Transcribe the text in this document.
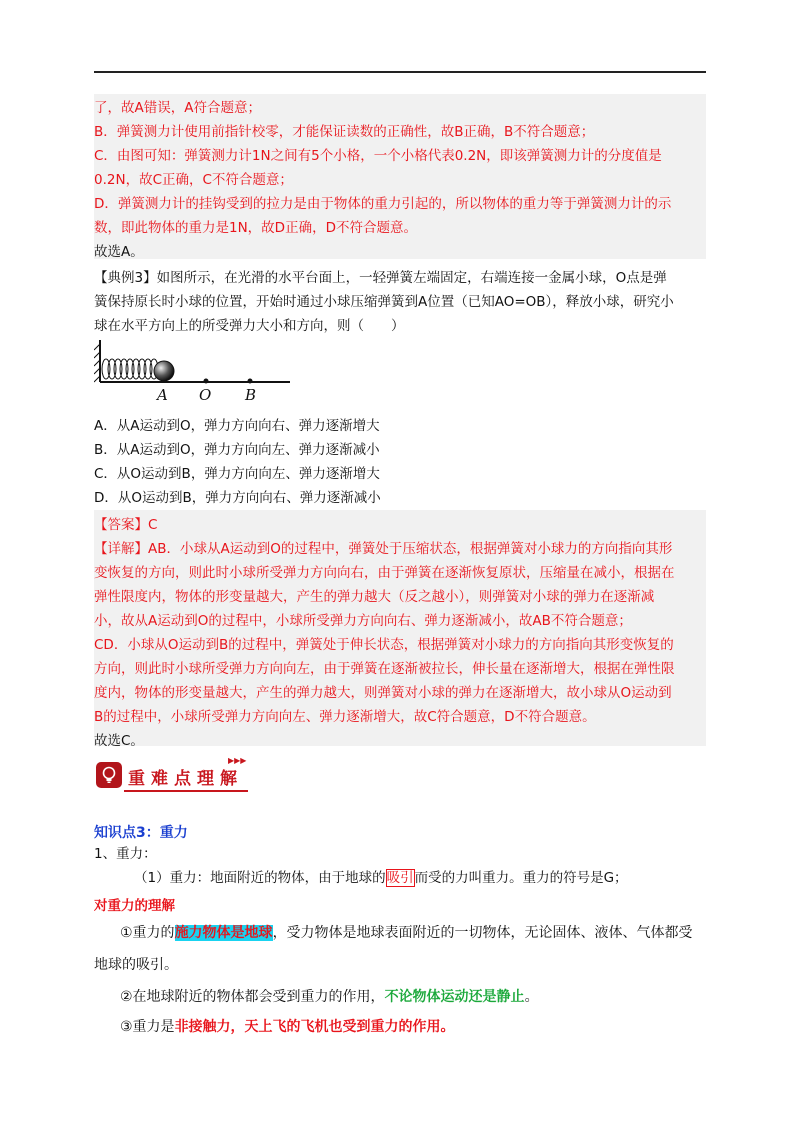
了，故A错误，A符合题意；
B．弹簧测力计使用前指针校零，才能保证读数的正确性，故B正确，B不符合题意；
C．由图可知：弹簧测力计1N之间有5个小格，一个小格代表0.2N，即该弹簧测力计的分度值是
0.2N，故C正确，C不符合题意；
D．弹簧测力计的挂钩受到的拉力是由于物体的重力引起的，所以物体的重力等于弹簧测力计的示
数，即此物体的重力是1N，故D正确，D不符合题意。
故选A。
【典例3】如图所示，在光滑的水平台面上，一轻弹簧左端固定，右端连接一金属小球，O点是弹
簧保持原长时小球的位置，开始时通过小球压缩弹簧到A位置（已知AO=OB），释放小球，研究小
球在水平方向上的所受弹力大小和方向，则（　　）
A O B
A．从A运动到O，弹力方向向右、弹力逐渐增大
B．从A运动到O，弹力方向向左、弹力逐渐减小
C．从O运动到B，弹力方向向左、弹力逐渐增大
D．从O运动到B，弹力方向向右、弹力逐渐减小
【答案】C
【详解】AB．小球从A运动到O的过程中，弹簧处于压缩状态，根据弹簧对小球力的方向指向其形
变恢复的方向，则此时小球所受弹力方向向右，由于弹簧在逐渐恢复原状，压缩量在减小，根据在
弹性限度内，物体的形变量越大，产生的弹力越大（反之越小），则弹簧对小球的弹力在逐渐减
小，故从A运动到O的过程中，小球所受弹力方向向右、弹力逐渐减小，故AB不符合题意；
CD．小球从O运动到B的过程中，弹簧处于伸长状态，根据弹簧对小球力的方向指向其形变恢复的
方向，则此时小球所受弹力方向向左，由于弹簧在逐渐被拉长，伸长量在逐渐增大，根据在弹性限
度内，物体的形变量越大，产生的弹力越大，则弹簧对小球的弹力在逐渐增大，故小球从O运动到
B的过程中，小球所受弹力方向向左、弹力逐渐增大，故C符合题意，D不符合题意。
故选C。
重难点理解
▶▶▶
知识点3：重力
1、重力：
（1）重力：地面附近的物体，由于地球的吸引而受的力叫重力。重力的符号是G；
对重力的理解
①重力的施力物体是地球，受力物体是地球表面附近的一切物体，无论固体、液体、气体都受
地球的吸引。
②在地球附近的物体都会受到重力的作用，不论物体运动还是静止。
③重力是非接触力，天上飞的飞机也受到重力的作用。
